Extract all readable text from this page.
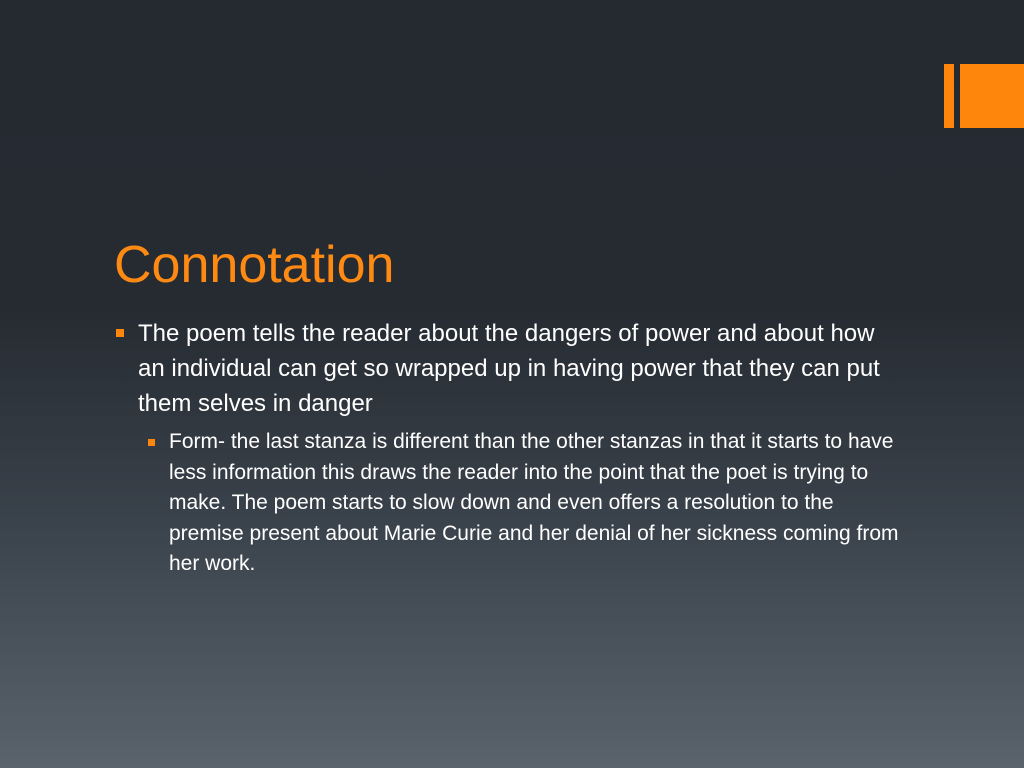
Connotation
The poem tells the reader about the dangers of power and about how an individual can get so wrapped up in having power that they can put them selves in danger
Form- the last stanza is different than the other stanzas in that it starts to have less information this draws the reader into the point that the poet is trying to make. The poem starts to slow down and even offers a resolution to the premise present about Marie Curie and her denial of her sickness coming from her work.
